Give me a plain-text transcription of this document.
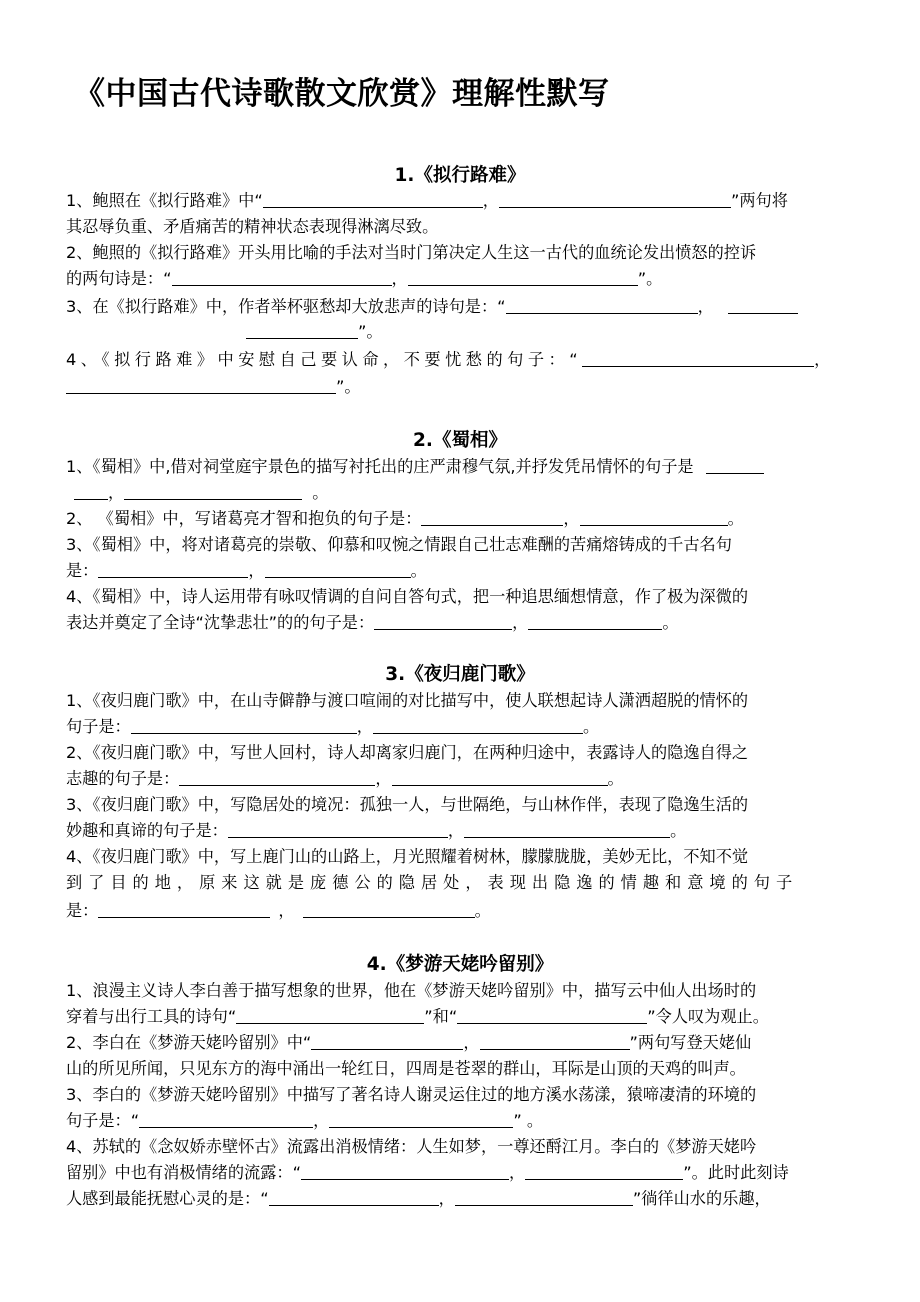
《中国古代诗歌散文欣赏》理解性默写
1.《拟行路难》

1、鲍照在《拟行路难》中“	，	”两句将

其忍辱负重、矛盾痛苦的精神状态表现得淋漓尽致。

2、鲍照的《拟行路难》开头用比喻的手法对当时门第决定人生这一古代的血统论发出愤怒的控诉

的两句诗是：“	，	”。

3、在《拟行路难》中，作者举杯驱愁却大放悲声的诗句是：“	，

”。

4、《拟行路难》中安慰自己要认命，不要忧愁的句子：“	，

”。

2.《蜀相》

1、《蜀相》中,借对祠堂庭宇景色的描写衬托出的庄严肃穆气氛,并抒发凭吊情怀的句子是

，	。

2、 《蜀相》中，写诸葛亮才智和抱负的句子是：	，	。

3、《蜀相》中，将对诸葛亮的崇敬、仰慕和叹惋之情跟自己壮志难酬的苦痛熔铸成的千古名句

是：	，	。

4、《蜀相》中，诗人运用带有咏叹情调的自问自答句式，把一种追思缅想情意，作了极为深微的

表达并奠定了全诗“沈挚悲壮”的的句子是：	，	。

3.《夜归鹿门歌》

1、《夜归鹿门歌》中，在山寺僻静与渡口喧闹的对比描写中，使人联想起诗人潇洒超脱的情怀的

句子是：	，	。

2、《夜归鹿门歌》中，写世人回村，诗人却离家归鹿门，在两种归途中，表露诗人的隐逸自得之

志趣的句子是：	，	。

3、《夜归鹿门歌》中，写隐居处的境况：孤独一人，与世隔绝，与山林作伴，表现了隐逸生活的

妙趣和真谛的句子是：	，	。

4、《夜归鹿门歌》中，写上鹿门山的山路上，月光照耀着树林，朦朦胧胧，美妙无比，不知不觉

到了目的地，原来这就是庞德公的隐居处，表现出隐逸的情趣和意境的句子

是：	，	。

4.《梦游天姥吟留别》

1、浪漫主义诗人李白善于描写想象的世界，他在《梦游天姥吟留别》中，描写云中仙人出场时的

穿着与出行工具的诗句“	”和“	”令人叹为观止。

2、李白在《梦游天姥吟留别》中“	，	”两句写登天姥仙

山的所见所闻，只见东方的海中涌出一轮红日，四周是苍翠的群山，耳际是山顶的天鸡的叫声。

3、李白的《梦游天姥吟留别》中描写了著名诗人谢灵运住过的地方溪水荡漾，猿啼凄清的环境的

句子是：“	，	” 。

4、苏轼的《念奴娇赤壁怀古》流露出消极情绪：人生如梦，一尊还酹江月。李白的《梦游天姥吟

留别》中也有消极情绪的流露：“	，	”。此时此刻诗

人感到最能抚慰心灵的是：“	，	”徜徉山水的乐趣，
